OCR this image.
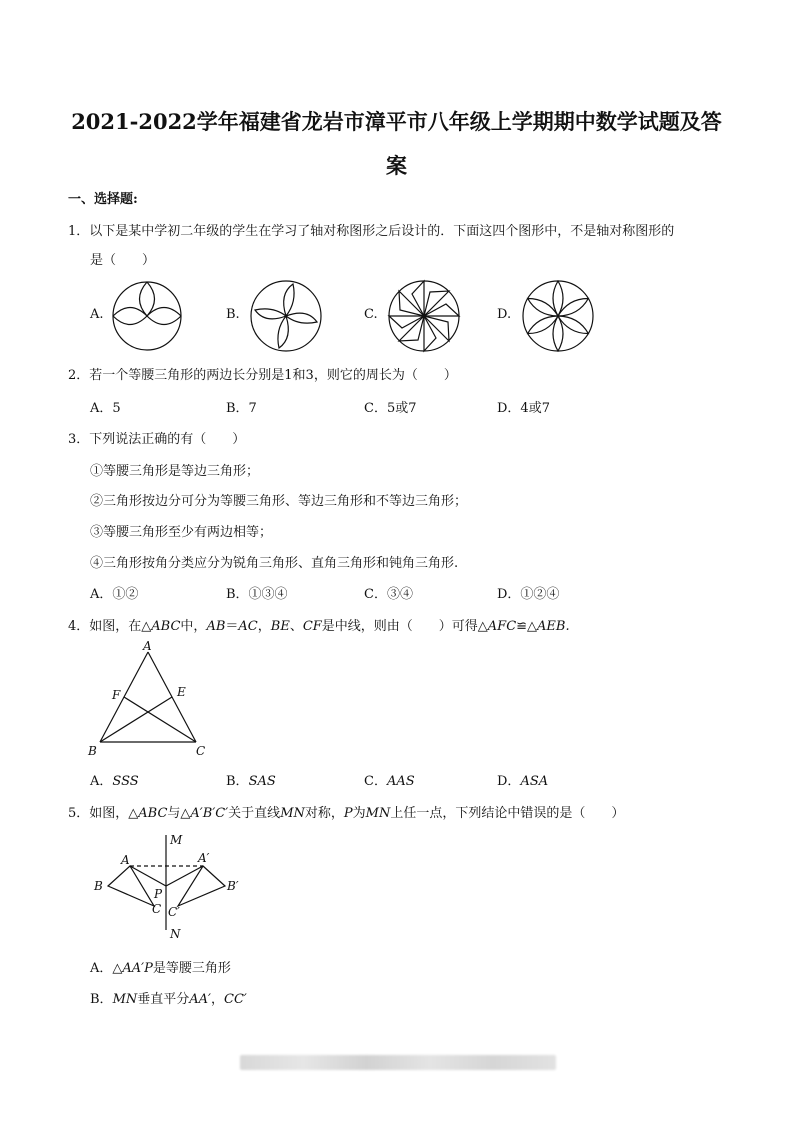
2021-2022学年福建省龙岩市漳平市八年级上学期期中数学试题及答
案
一、选择题:
1．以下是某中学初二年级的学生在学习了轴对称图形之后设计的．下面这四个图形中，不是轴对称图形的
是（　　）
A.	B.	C.	D.
2．若一个等腰三角形的两边长分别是1和3，则它的周长为（　　）
A．5	B．7	C．5或7	D．4或7
3．下列说法正确的有（　　）
①等腰三角形是等边三角形；
②三角形按边分可分为等腰三角形、等边三角形和不等边三角形；
③等腰三角形至少有两边相等；
④三角形按角分类应分为锐角三角形、直角三角形和钝角三角形.
A．①②	B．①③④	C．③④	D．①②④
4．如图，在△ABC中，AB＝AC，BE、CF是中线，则由（　　）可得△AFC≌△AEB.
A
B	C
E
F
A．SSS	B．SAS	C．AAS	D．ASA
5．如图，△ABC与△A′B′C′关于直线MN对称，P为MN上任一点，下列结论中错误的是（　　）
M
N
A	A′
B	B′
C C′
P
A．△AA′P是等腰三角形
B．MN垂直平分AA′，CC′
